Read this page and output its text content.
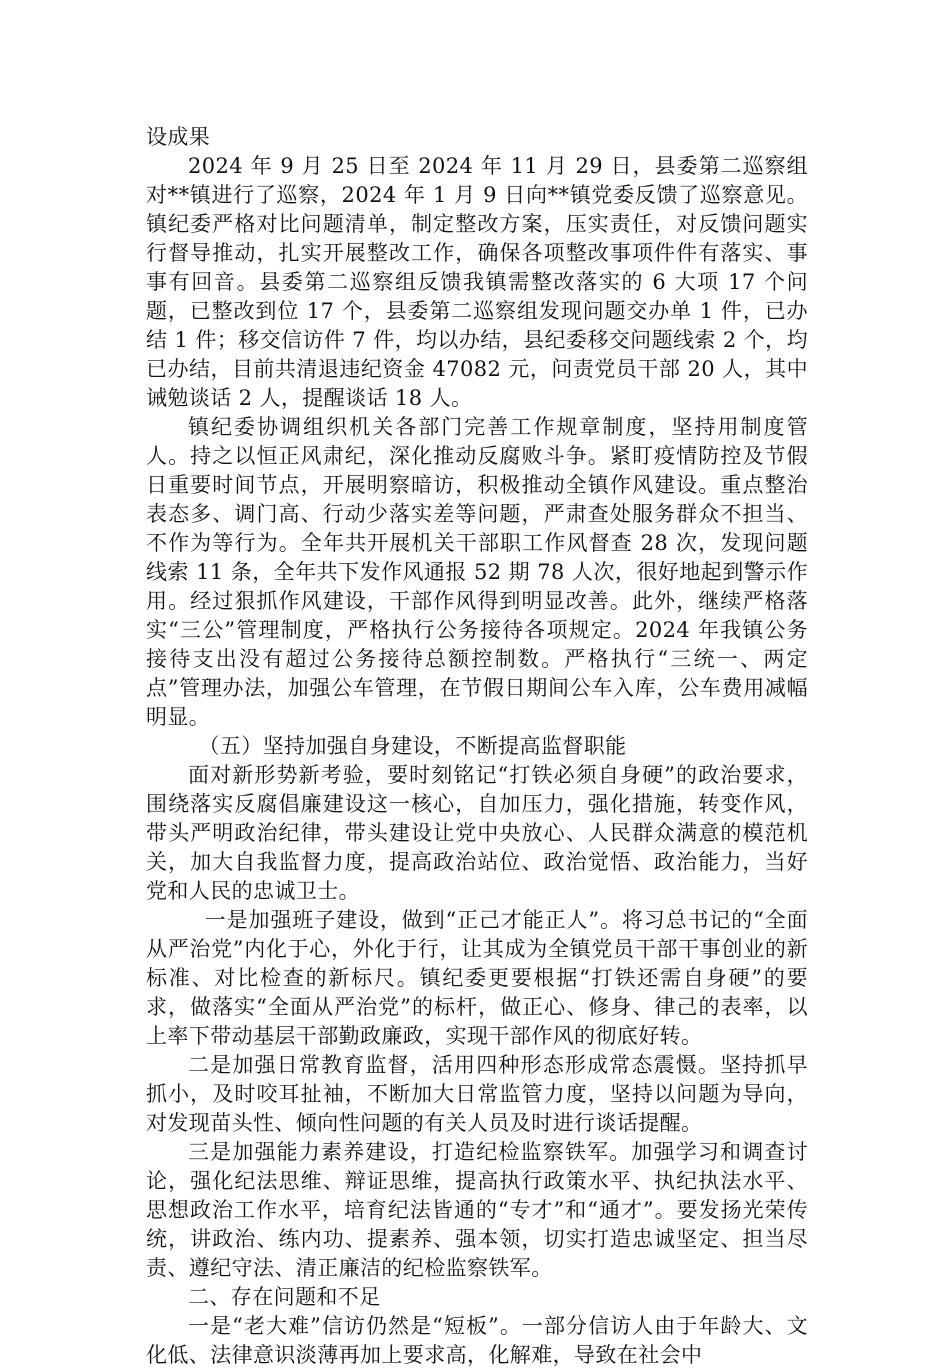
设成果

2024 年 9 月 25 日至 2024 年 11 月 29 日，县委第二巡察组对**镇进行了巡察，2024 年 1 月 9 日向**镇党委反馈了巡察意见。镇纪委严格对比问题清单，制定整改方案，压实责任，对反馈问题实行督导推动，扎实开展整改工作，确保各项整改事项件件有落实、事事有回音。县委第二巡察组反馈我镇需整改落实的 6 大项 17 个问题，已整改到位 17 个，县委第二巡察组发现问题交办单 1 件，已办结 1 件；移交信访件 7 件，均以办结，县纪委移交问题线索 2 个，均已办结，目前共清退违纪资金 47082 元，问责党员干部 20 人，其中诫勉谈话 2 人，提醒谈话 18 人。

镇纪委协调组织机关各部门完善工作规章制度，坚持用制度管人。持之以恒正风肃纪，深化推动反腐败斗争。紧盯疫情防控及节假日重要时间节点，开展明察暗访，积极推动全镇作风建设。重点整治表态多、调门高、行动少落实差等问题，严肃查处服务群众不担当、不作为等行为。全年共开展机关干部职工作风督查 28 次，发现问题线索 11 条，全年共下发作风通报 52 期 78 人次，很好地起到警示作用。经过狠抓作风建设，干部作风得到明显改善。此外，继续严格落实“三公”管理制度，严格执行公务接待各项规定。2024 年我镇公务接待支出没有超过公务接待总额控制数。严格执行“三统一、两定点”管理办法，加强公车管理，在节假日期间公车入库，公车费用减幅明显。

（五）坚持加强自身建设，不断提高监督职能

面对新形势新考验，要时刻铭记“打铁必须自身硬”的政治要求，围绕落实反腐倡廉建设这一核心，自加压力，强化措施，转变作风，带头严明政治纪律，带头建设让党中央放心、人民群众满意的模范机关，加大自我监督力度，提高政治站位、政治觉悟、政治能力，当好党和人民的忠诚卫士。

一是加强班子建设，做到“正己才能正人”。将习总书记的“全面从严治党”内化于心，外化于行，让其成为全镇党员干部干事创业的新标准、对比检查的新标尺。镇纪委更要根据“打铁还需自身硬”的要求，做落实“全面从严治党”的标杆，做正心、修身、律己的表率，以上率下带动基层干部勤政廉政，实现干部作风的彻底好转。

二是加强日常教育监督，活用四种形态形成常态震慑。坚持抓早抓小，及时咬耳扯袖，不断加大日常监管力度，坚持以问题为导向，对发现苗头性、倾向性问题的有关人员及时进行谈话提醒。

三是加强能力素养建设，打造纪检监察铁军。加强学习和调查讨论，强化纪法思维、辩证思维，提高执行政策水平、执纪执法水平、思想政治工作水平，培育纪法皆通的“专才”和“通才”。要发扬光荣传统，讲政治、练内功、提素养、强本领，切实打造忠诚坚定、担当尽责、遵纪守法、清正廉洁的纪检监察铁军。

二、存在问题和不足

一是“老大难”信访仍然是“短板”。一部分信访人由于年龄大、文化低、法律意识淡薄再加上要求高，化解难，导致在社会中
